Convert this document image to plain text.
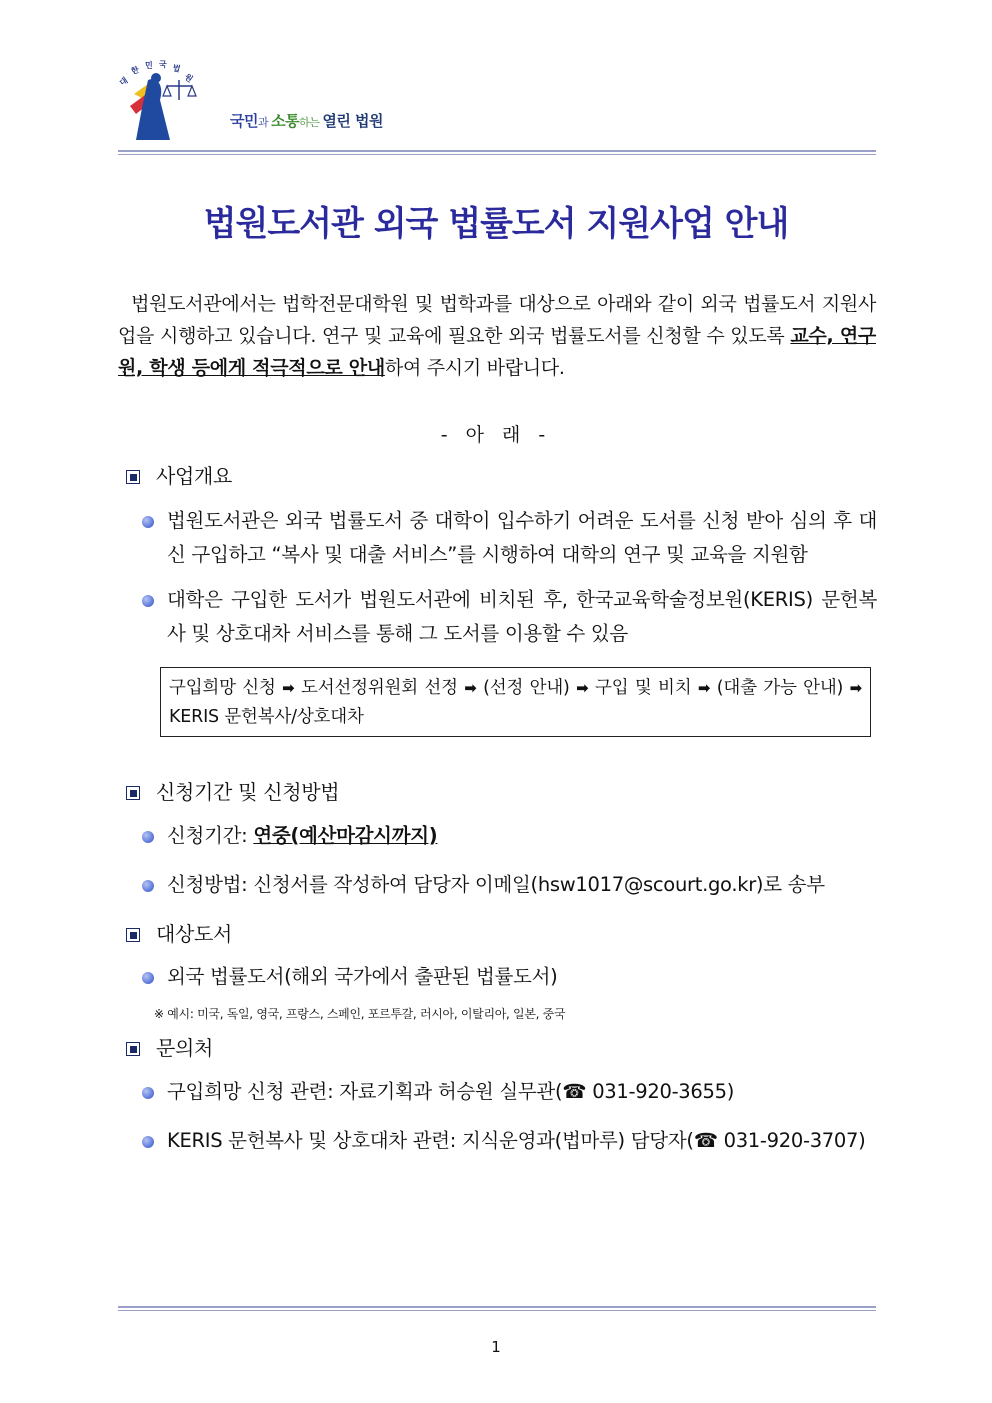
대
한 민 국 법
원
국민과 소통하는 열린 법원
법원도서관 외국 법률도서 지원사업 안내
법원도서관에서는 법학전문대학원 및 법학과를 대상으로 아래와 같이 외국 법률도서 지원사업을 시행하고 있습니다. 연구 및 교육에 필요한 외국 법률도서를 신청할 수 있도록 교수, 연구원, 학생 등에게 적극적으로 안내하여 주시기 바랍니다.
- 아 래 -
사업개요
법원도서관은 외국 법률도서 중 대학이 입수하기 어려운 도서를 신청 받아 심의 후 대신 구입하고 “복사 및 대출 서비스”를 시행하여 대학의 연구 및 교육을 지원함
대학은 구입한 도서가 법원도서관에 비치된 후, 한국교육학술정보원(KERIS) 문헌복사 및 상호대차 서비스를 통해 그 도서를 이용할 수 있음
구입희망 신청 ➡ 도서선정위원회 선정 ➡ (선정 안내) ➡ 구입 및 비치 ➡ (대출 가능 안내) ➡ KERIS 문헌복사/상호대차
신청기간 및 신청방법
신청기간: 연중(예산마감시까지)
신청방법: 신청서를 작성하여 담당자 이메일(hsw1017@scourt.go.kr)로 송부
대상도서
외국 법률도서(해외 국가에서 출판된 법률도서)
※ 예시: 미국, 독일, 영국, 프랑스, 스페인, 포르투갈, 러시아, 이탈리아, 일본, 중국
문의처
구입희망 신청 관련: 자료기획과 허승원 실무관(☎ 031-920-3655)
KERIS 문헌복사 및 상호대차 관련: 지식운영과(법마루) 담당자(☎ 031-920-3707)
1
